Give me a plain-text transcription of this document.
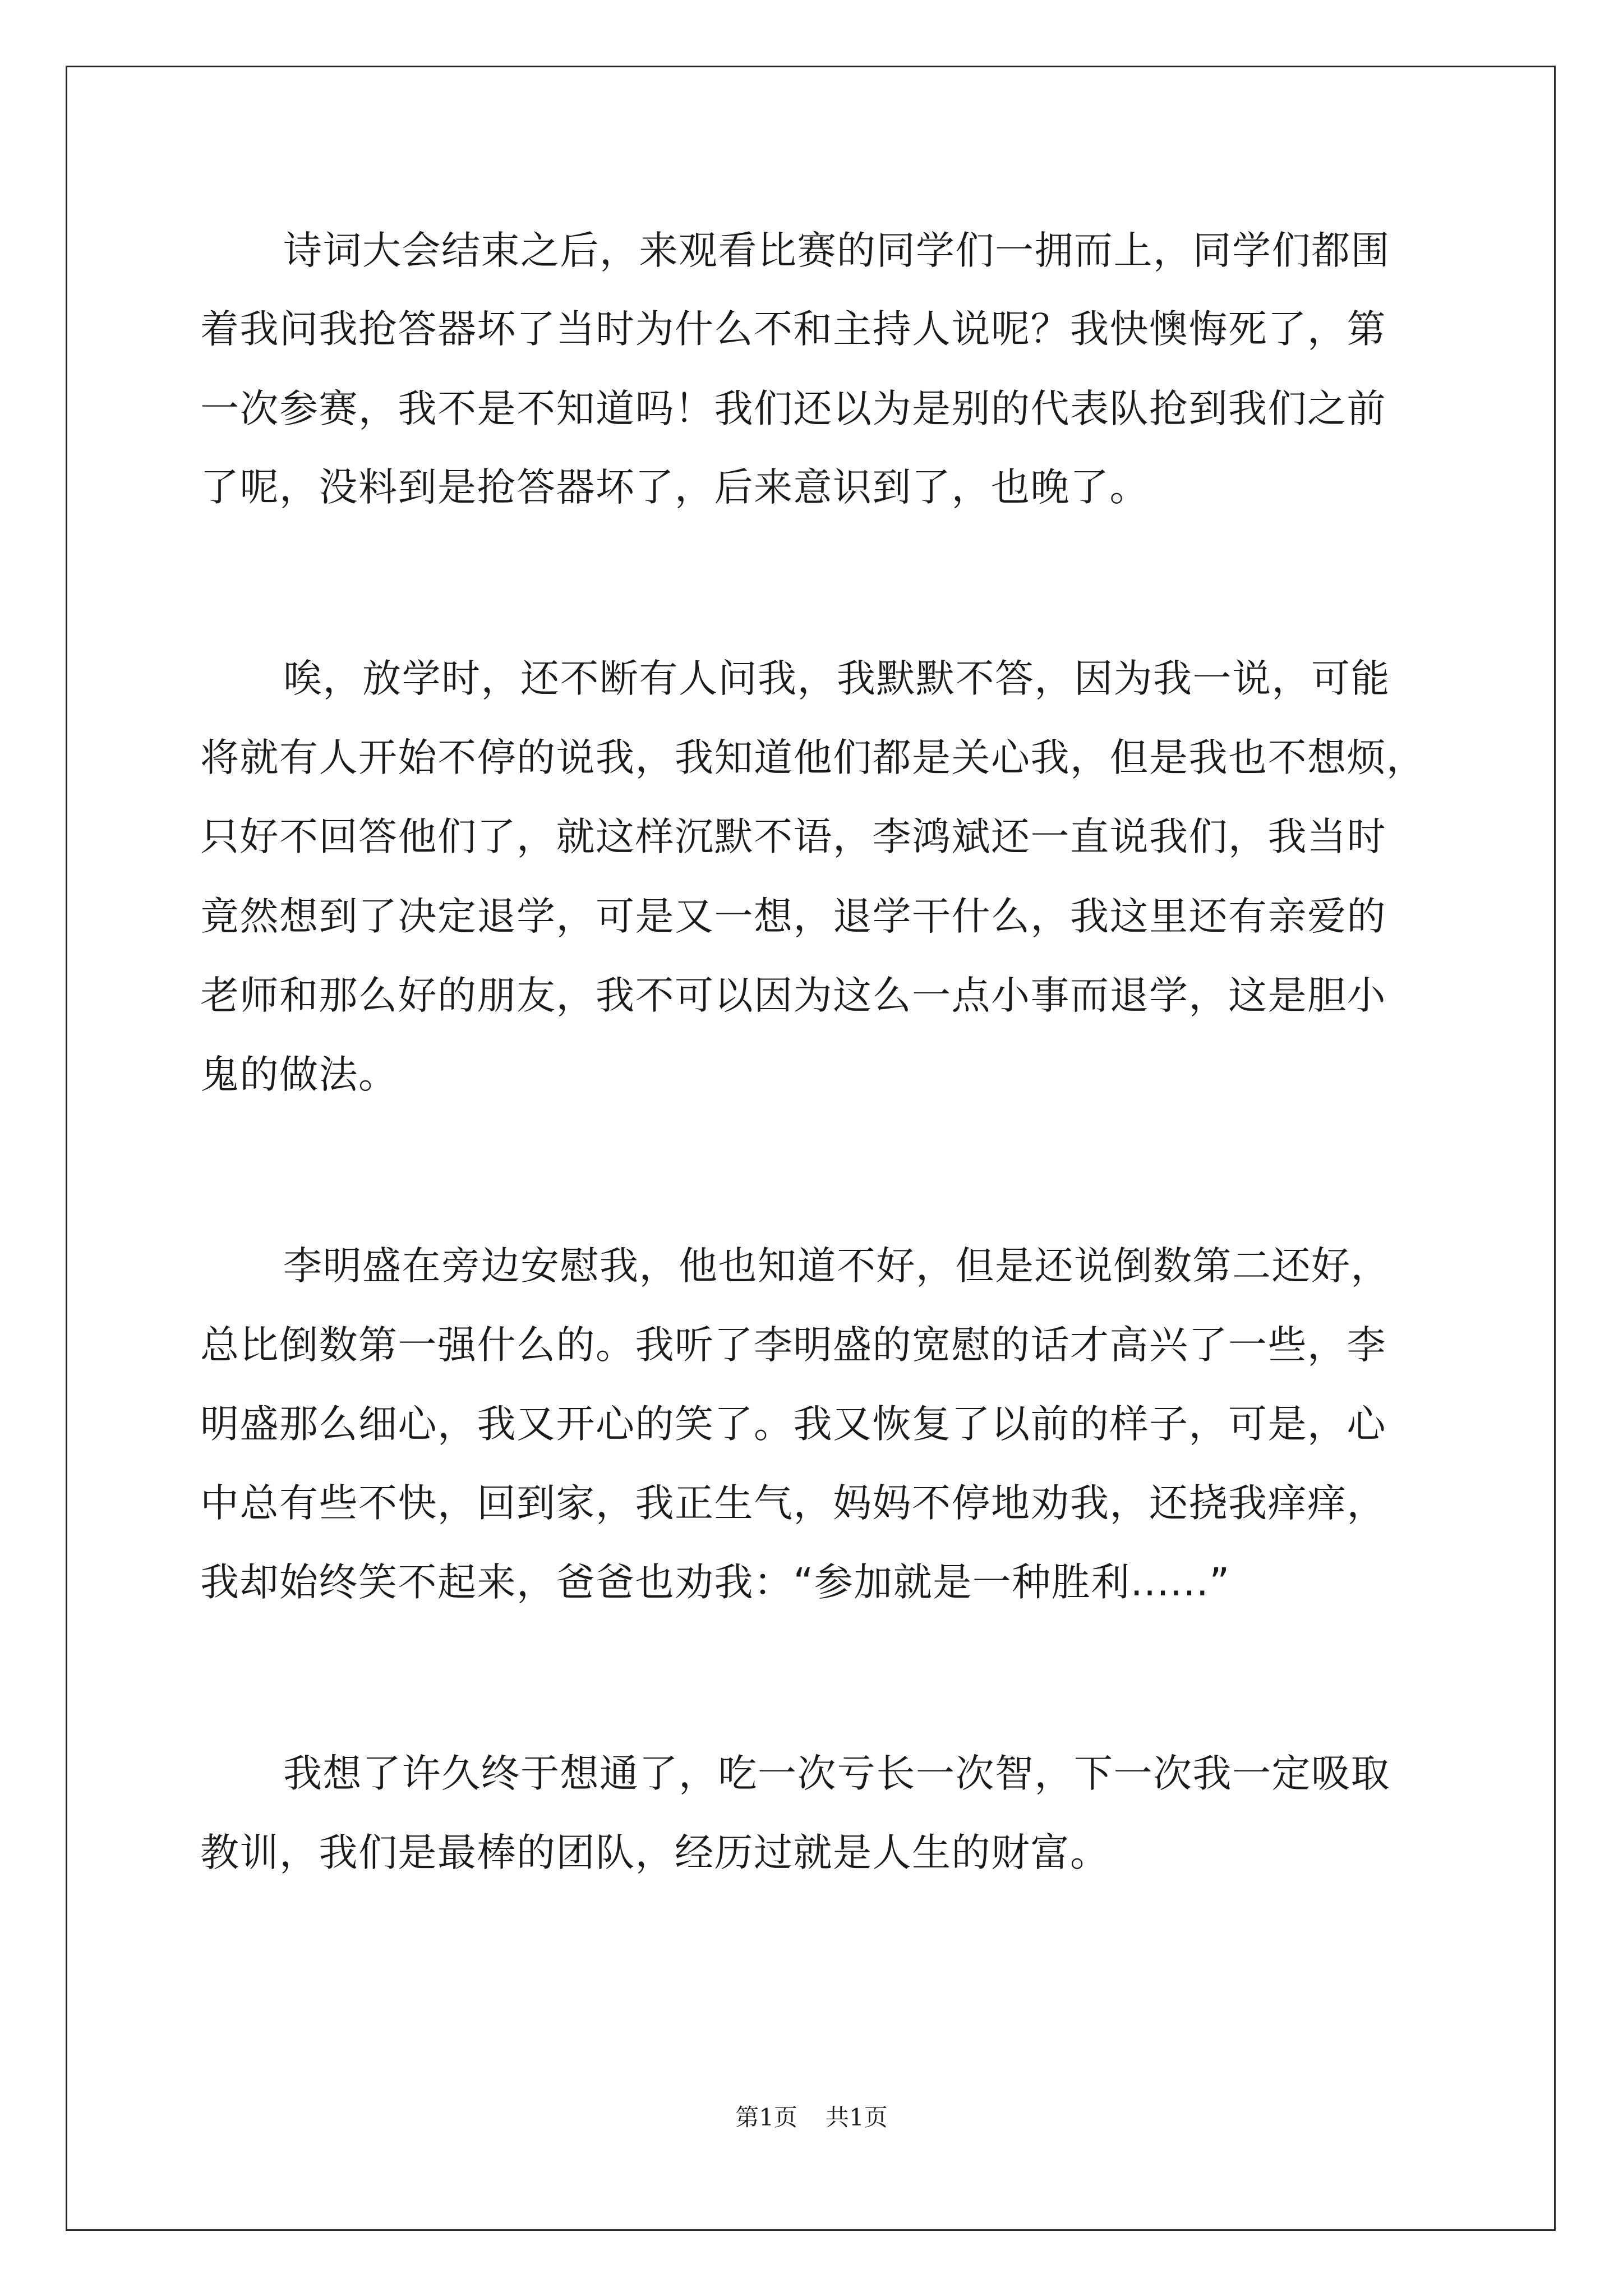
诗词大会结束之后，来观看比赛的同学们一拥而上，同学们都围
着我问我抢答器坏了当时为什么不和主持人说呢？我快懊悔死了，第
一次参赛，我不是不知道吗！我们还以为是别的代表队抢到我们之前
了呢，没料到是抢答器坏了，后来意识到了，也晚了。
唉，放学时，还不断有人问我，我默默不答，因为我一说，可能
将就有人开始不停的说我，我知道他们都是关心我，但是我也不想烦，
只好不回答他们了，就这样沉默不语，李鸿斌还一直说我们，我当时
竟然想到了决定退学，可是又一想，退学干什么，我这里还有亲爱的
老师和那么好的朋友，我不可以因为这么一点小事而退学，这是胆小
鬼的做法。
李明盛在旁边安慰我，他也知道不好，但是还说倒数第二还好，
总比倒数第一强什么的。我听了李明盛的宽慰的话才高兴了一些，李
明盛那么细心，我又开心的笑了。我又恢复了以前的样子，可是，心
中总有些不快，回到家，我正生气，妈妈不停地劝我，还挠我痒痒，
我却始终笑不起来，爸爸也劝我：“参加就是一种胜利......”
我想了许久终于想通了，吃一次亏长一次智，下一次我一定吸取
教训，我们是最棒的团队，经历过就是人生的财富。
第1页 共1页
